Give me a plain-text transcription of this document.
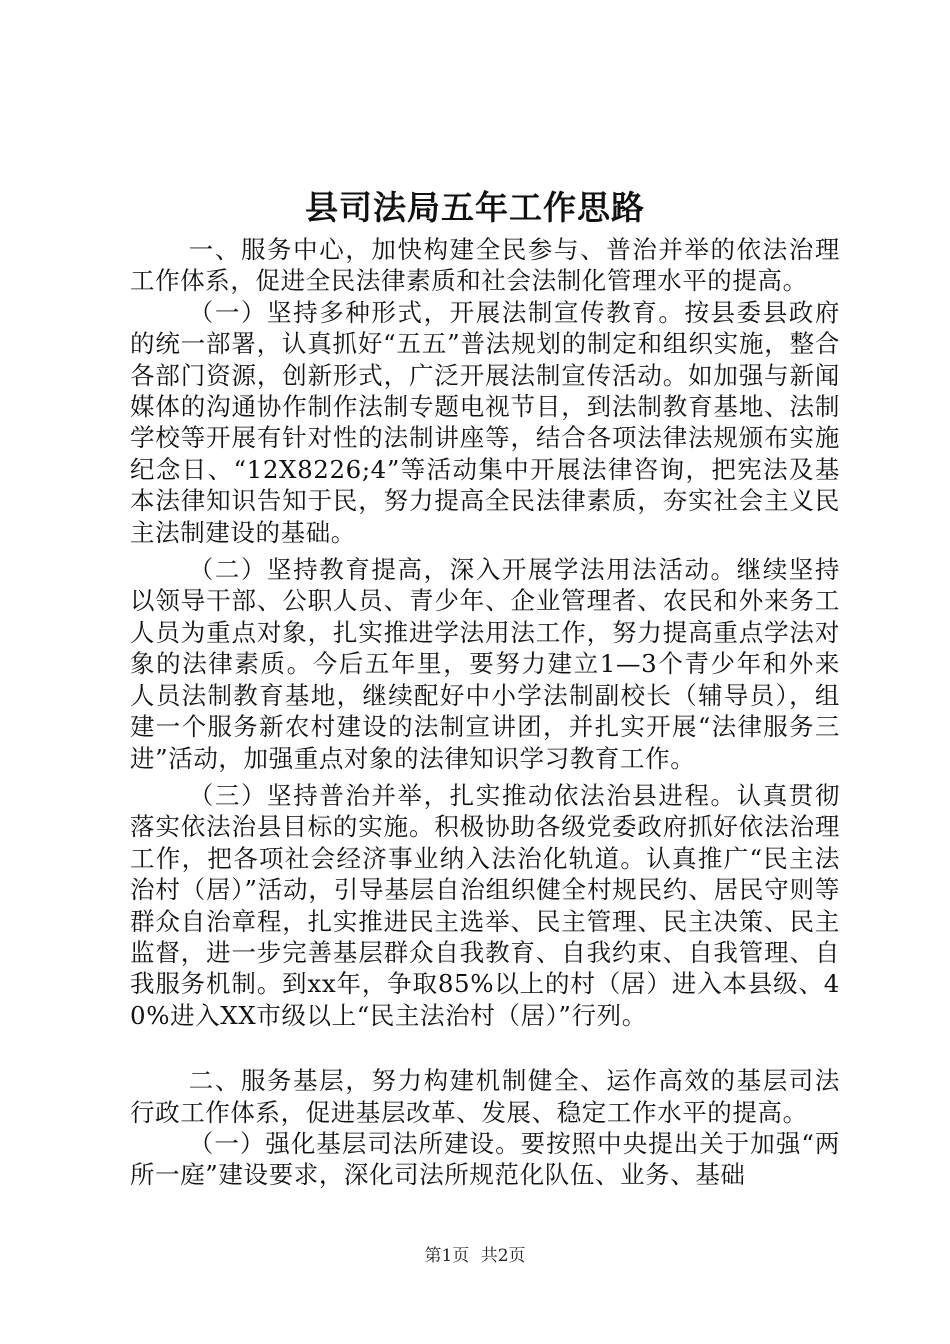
县司法局五年工作思路

一、服务中心，加快构建全民参与、普治并举的依法治理工作体系，促进全民法律素质和社会法制化管理水平的提高。

（一）坚持多种形式，开展法制宣传教育。按县委县政府的统一部署，认真抓好“五五”普法规划的制定和组织实施，整合各部门资源，创新形式，广泛开展法制宣传活动。如加强与新闻媒体的沟通协作制作法制专题电视节目，到法制教育基地、法制学校等开展有针对性的法制讲座等，结合各项法律法规颁布实施纪念日、“12X8226;4”等活动集中开展法律咨询，把宪法及基本法律知识告知于民，努力提高全民法律素质，夯实社会主义民主法制建设的基础。

（二）坚持教育提高，深入开展学法用法活动。继续坚持以领导干部、公职人员、青少年、企业管理者、农民和外来务工人员为重点对象，扎实推进学法用法工作，努力提高重点学法对象的法律素质。今后五年里，要努力建立1—3个青少年和外来人员法制教育基地，继续配好中小学法制副校长（辅导员），组建一个服务新农村建设的法制宣讲团，并扎实开展“法律服务三进”活动，加强重点对象的法律知识学习教育工作。

（三）坚持普治并举，扎实推动依法治县进程。认真贯彻落实依法治县目标的实施。积极协助各级党委政府抓好依法治理工作，把各项社会经济事业纳入法治化轨道。认真推广“民主法治村（居）”活动，引导基层自治组织健全村规民约、居民守则等群众自治章程，扎实推进民主选举、民主管理、民主决策、民主监督，进一步完善基层群众自我教育、自我约束、自我管理、自我服务机制。到xx年，争取85%以上的村（居）进入本县级、40%进入XX市级以上“民主法治村（居）”行列。

二、服务基层，努力构建机制健全、运作高效的基层司法行政工作体系，促进基层改革、发展、稳定工作水平的提高。

（一）强化基层司法所建设。要按照中央提出关于加强“两所一庭”建设要求，深化司法所规范化队伍、业务、基础

第1页 共2页
